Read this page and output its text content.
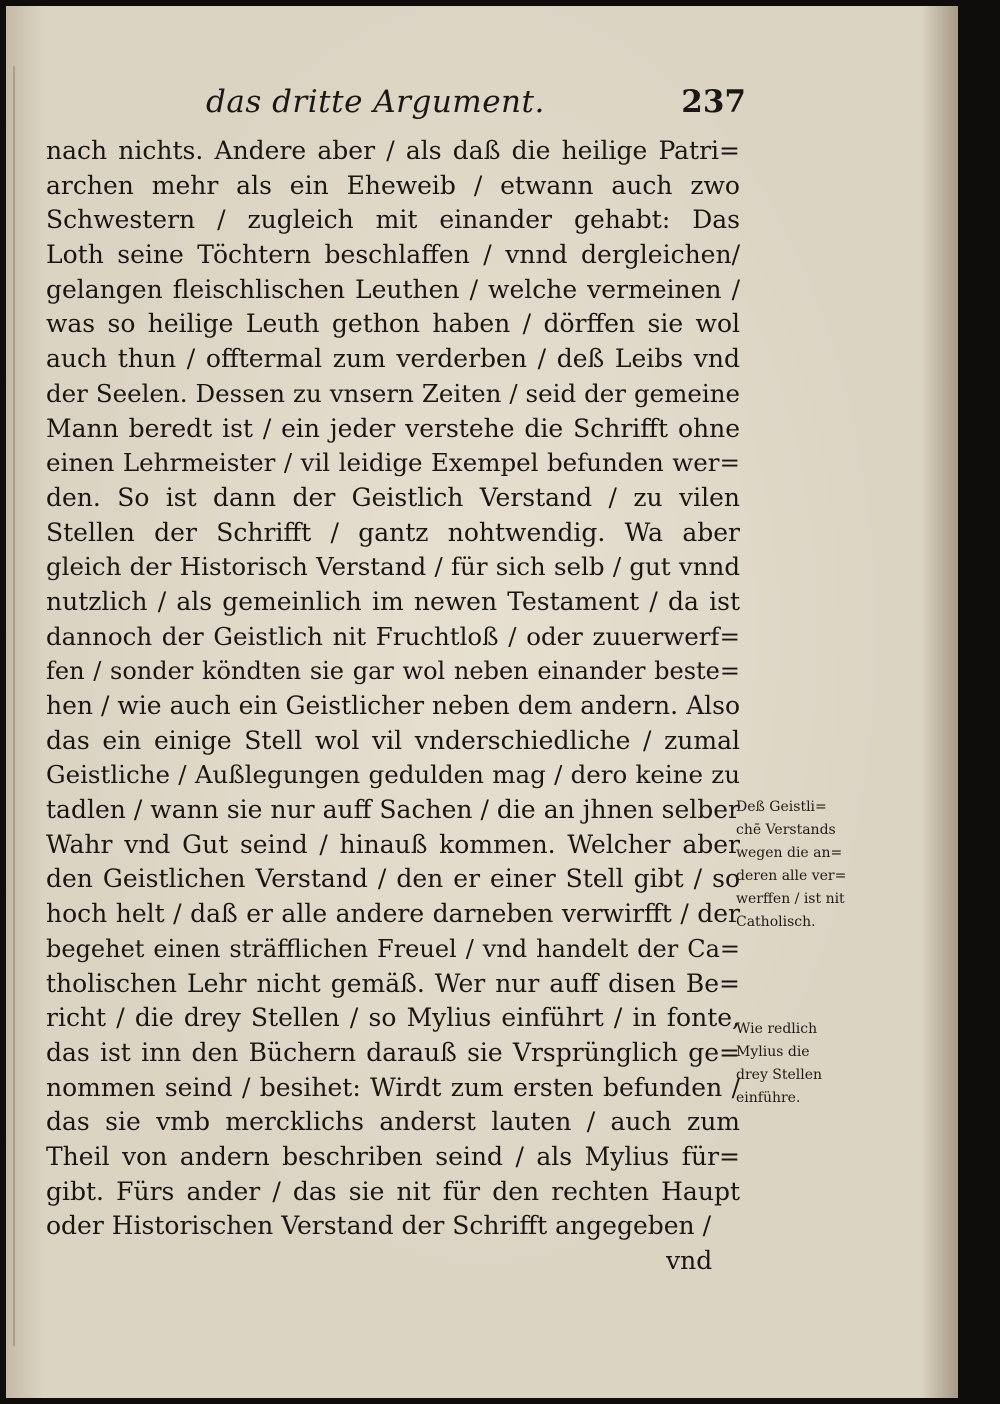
das dritte Argument.	237
nach nichts. Andere aber / als daß die heilige Patri=
archen mehr als ein Eheweib / etwann auch zwo
Schwestern / zugleich mit einander gehabt: Das
Loth seine Töchtern beschlaffen / vnnd dergleichen/
gelangen fleischlischen Leuthen / welche vermeinen /
was so heilige Leuth gethon haben / dörffen sie wol
auch thun / offtermal zum verderben / deß Leibs vnd
der Seelen. Dessen zu vnsern Zeiten / seid der gemeine
Mann beredt ist / ein jeder verstehe die Schrifft ohne
einen Lehrmeister / vil leidige Exempel befunden wer=
den. So ist dann der Geistlich Verstand / zu vilen
Stellen der Schrifft / gantz nohtwendig. Wa aber
gleich der Historisch Verstand / für sich selb / gut vnnd
nutzlich / als gemeinlich im newen Testament / da ist
dannoch der Geistlich nit Fruchtloß / oder zuuerwerf=
fen / sonder köndten sie gar wol neben einander beste=
hen / wie auch ein Geistlicher neben dem andern. Also
das ein einige Stell wol vil vnderschiedliche / zumal
Geistliche / Außlegungen gedulden mag / dero keine zu
tadlen / wann sie nur auff Sachen / die an jhnen selber
Wahr vnd Gut seind / hinauß kommen. Welcher aber
den Geistlichen Verstand / den er einer Stell gibt / so
hoch helt / daß er alle andere darneben verwirfft / der
begehet einen sträfflichen Freuel / vnd handelt der Ca=
tholischen Lehr nicht gemäß. Wer nur auff disen Be=
richt / die drey Stellen / so Mylius einführt / in fonte,
das ist inn den Büchern darauß sie Vrsprünglich ge=
nommen seind / besihet: Wirdt zum ersten befunden /
das sie vmb mercklichs anderst lauten / auch zum
Theil von andern beschriben seind / als Mylius für=
gibt. Fürs ander / das sie nit für den rechten Haupt
oder Historischen Verstand der Schrifft angegeben /
vnd
Deß Geistli=
chē Verstands
wegen die an=
deren alle ver=
werffen / ist nit
Catholisch.
Wie redlich
Mylius die
drey Stellen
einführe.
